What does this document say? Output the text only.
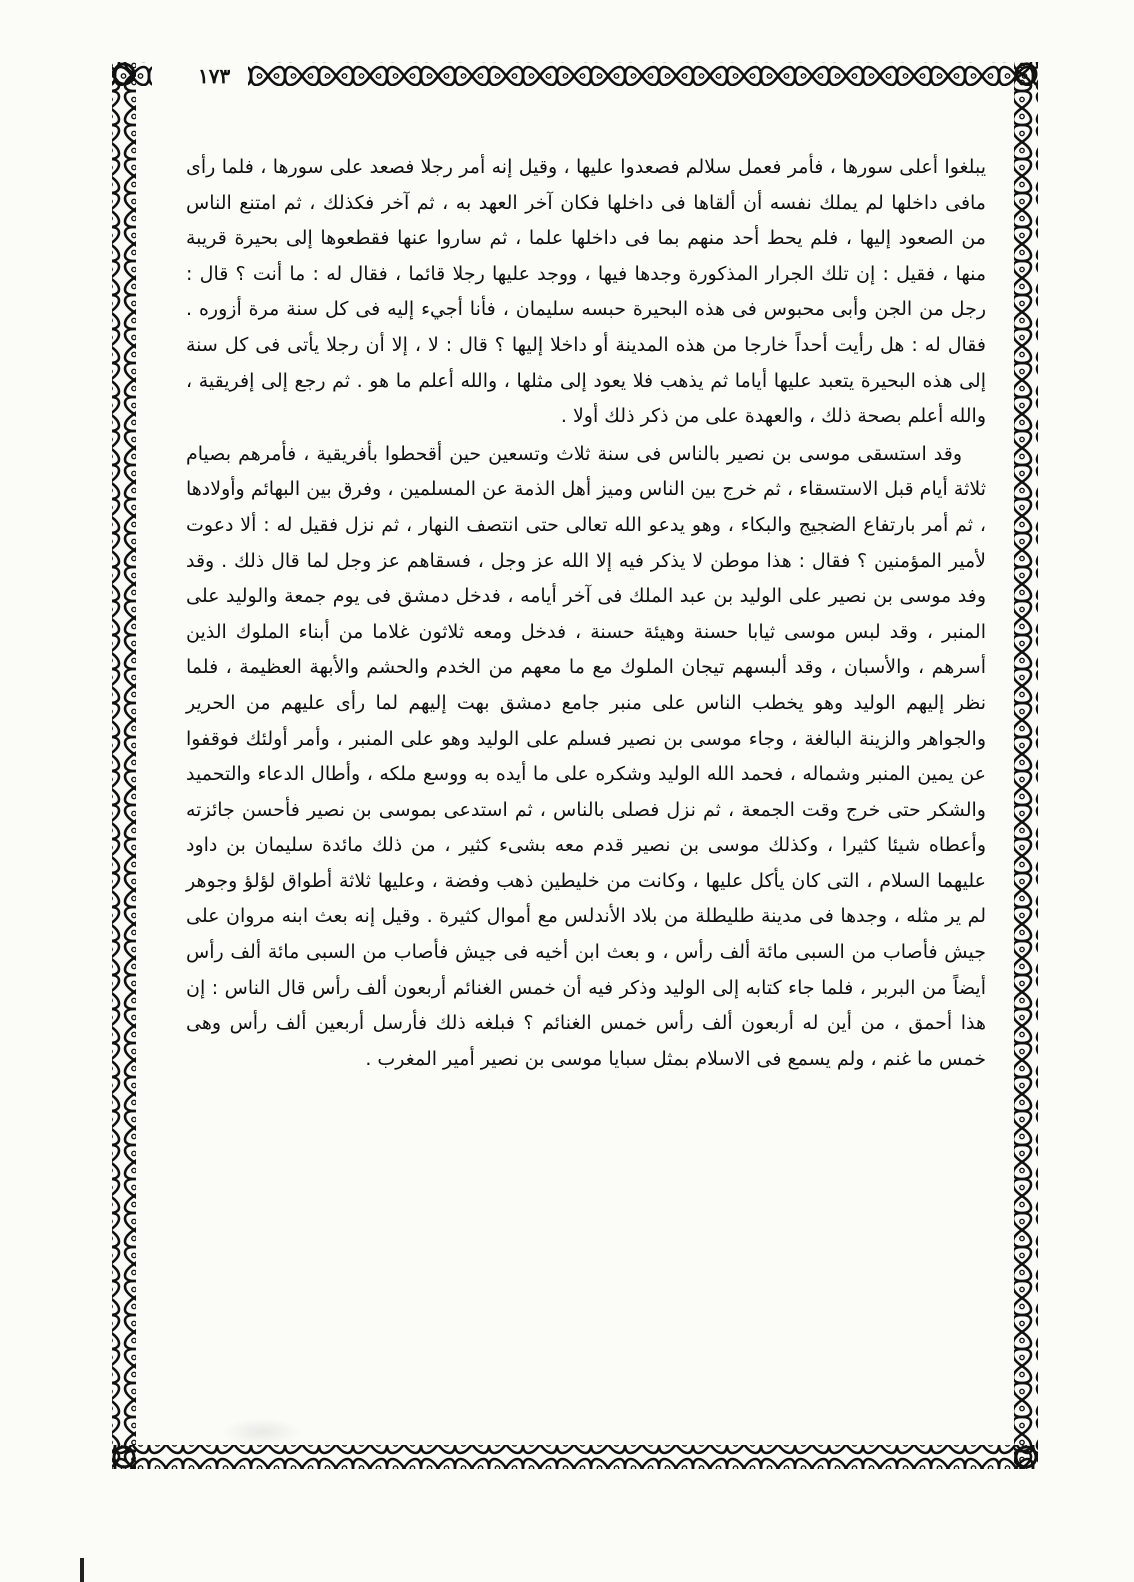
١٧٣

يبلغوا أعلى سورها ، فأمر فعمل سلالم فصعدوا عليها ، وقيل إنه أمر رجلا فصعد على سورها ، فلما رأى مافى داخلها لم يملك نفسه أن ألقاها فى داخلها فكان آخر العهد به ، ثم آخر فكذلك ، ثم امتنع الناس من الصعود إليها ، فلم يحط أحد منهم بما فى داخلها علما ، ثم ساروا عنها فقطعوها إلى بحيرة قريبة منها ، فقيل : إن تلك الجرار المذكورة وجدها فيها ، ووجد عليها رجلا قائما ، فقال له : ما أنت ؟ قال : رجل من الجن وأبى محبوس فى هذه البحيرة حبسه سليمان ، فأنا أجيء إليه فى كل سنة مرة أزوره . فقال له : هل رأيت أحداً خارجا من هذه المدينة أو داخلا إليها ؟ قال : لا ، إلا أن رجلا يأتى فى كل سنة إلى هذه البحيرة يتعبد عليها أياما ثم يذهب فلا يعود إلى مثلها ، والله أعلم ما هو . ثم رجع إلى إفريقية ، والله أعلم بصحة ذلك ، والعهدة على من ذكر ذلك أولا .

وقد استسقى موسى بن نصير بالناس فى سنة ثلاث وتسعين حين أقحطوا بأفريقية ، فأمرهم بصيام ثلاثة أيام قبل الاستسقاء ، ثم خرج بين الناس وميز أهل الذمة عن المسلمين ، وفرق بين البهائم وأولادها ، ثم أمر بارتفاع الضجيج والبكاء ، وهو يدعو الله تعالى حتى انتصف النهار ، ثم نزل فقيل له : ألا دعوت لأمير المؤمنين ؟ فقال : هذا موطن لا يذكر فيه إلا الله عز وجل ، فسقاهم عز وجل لما قال ذلك . وقد وفد موسى بن نصير على الوليد بن عبد الملك فى آخر أيامه ، فدخل دمشق فى يوم جمعة والوليد على المنبر ، وقد لبس موسى ثيابا حسنة وهيئة حسنة ، فدخل ومعه ثلاثون غلاما من أبناء الملوك الذين أسرهم ، والأسبان ، وقد ألبسهم تيجان الملوك مع ما معهم من الخدم والحشم والأبهة العظيمة ، فلما نظر إليهم الوليد وهو يخطب الناس على منبر جامع دمشق بهت إليهم لما رأى عليهم من الحرير والجواهر والزينة البالغة ، وجاء موسى بن نصير فسلم على الوليد وهو على المنبر ، وأمر أولئك فوقفوا عن يمين المنبر وشماله ، فحمد الله الوليد وشكره على ما أيده به ووسع ملكه ، وأطال الدعاء والتحميد والشكر حتى خرج وقت الجمعة ، ثم نزل فصلى بالناس ، ثم استدعى بموسى بن نصير فأحسن جائزته وأعطاه شيئا كثيرا ، وكذلك موسى بن نصير قدم معه بشىء كثير ، من ذلك مائدة سليمان بن داود عليهما السلام ، التى كان يأكل عليها ، وكانت من خليطين ذهب وفضة ، وعليها ثلاثة أطواق لؤلؤ وجوهر لم ير مثله ، وجدها فى مدينة طليطلة من بلاد الأندلس مع أموال كثيرة . وقيل إنه بعث ابنه مروان على جيش فأصاب من السبى مائة ألف رأس ، و بعث ابن أخيه فى جيش فأصاب من السبى مائة ألف رأس أيضاً من البربر ، فلما جاء كتابه إلى الوليد وذكر فيه أن خمس الغنائم أربعون ألف رأس قال الناس : إن هذا أحمق ، من أين له أربعون ألف رأس خمس الغنائم ؟ فبلغه ذلك فأرسل أربعين ألف رأس وهى خمس ما غنم ، ولم يسمع فى الاسلام بمثل سبايا موسى بن نصير أمير المغرب .
